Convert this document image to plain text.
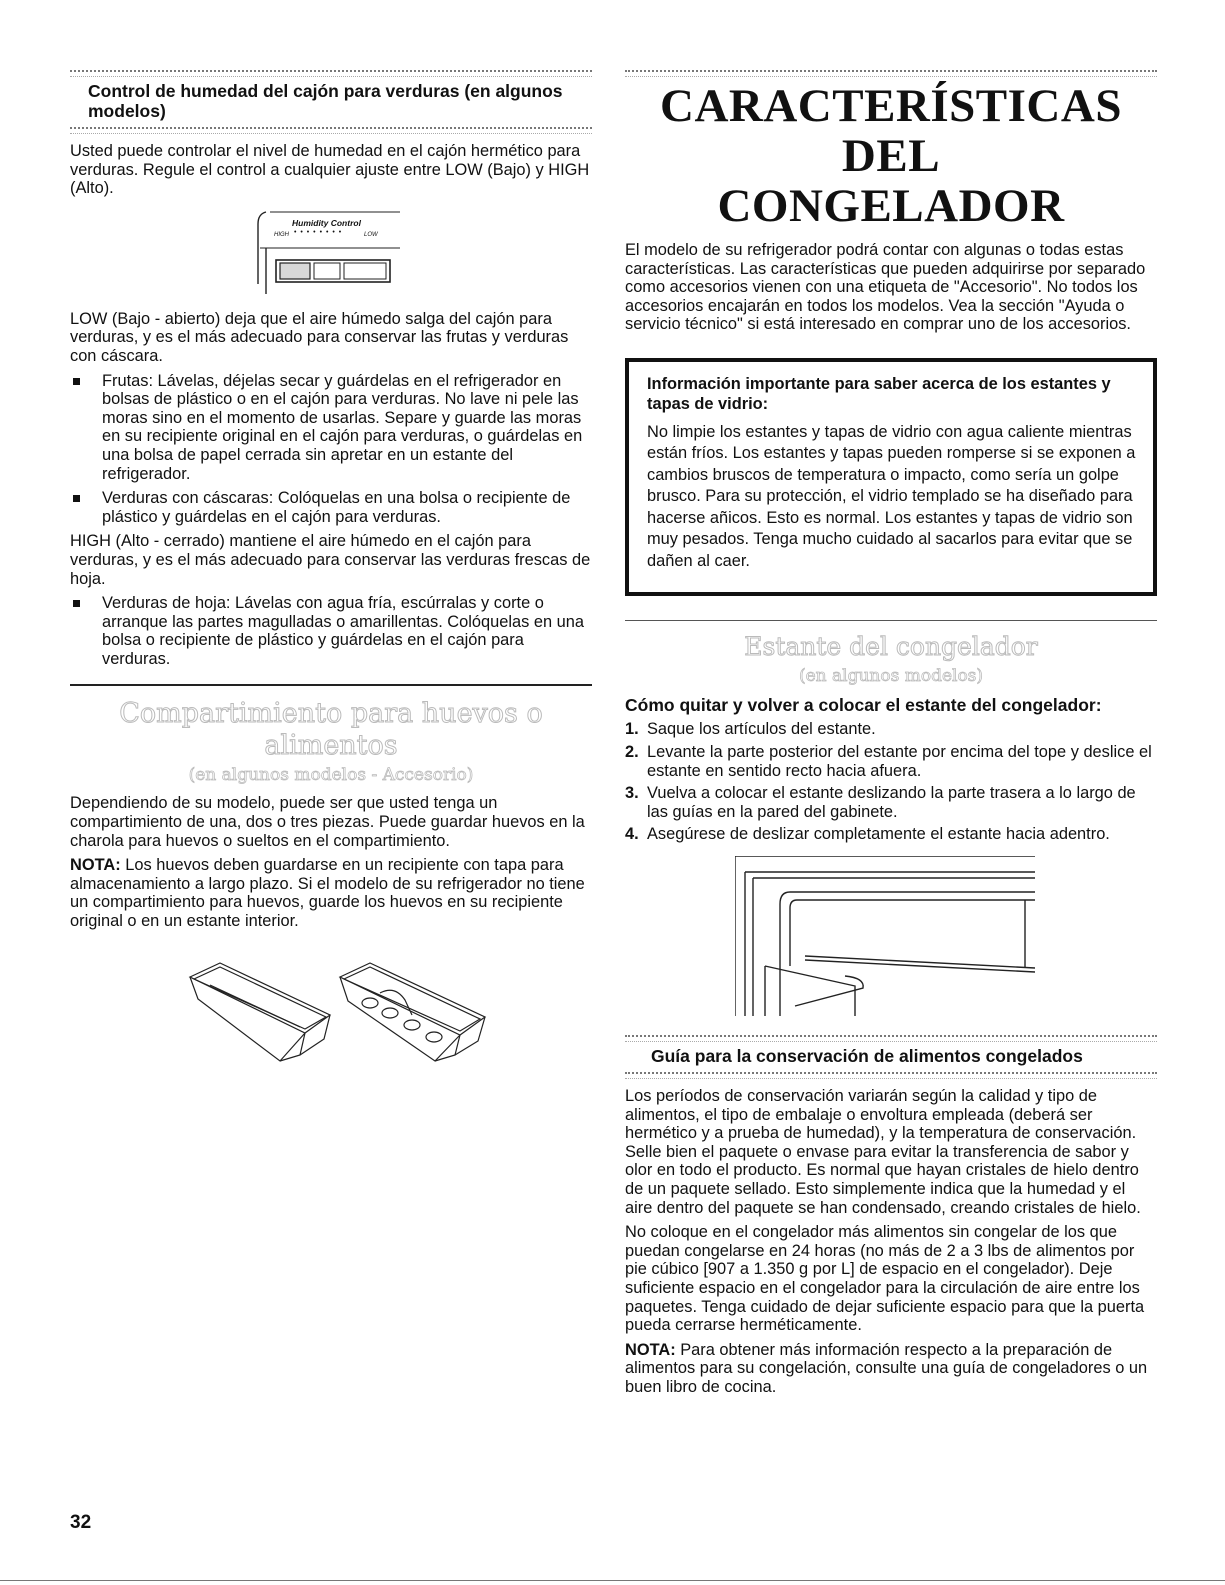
Control de humedad del cajón para verduras (en algunos modelos)

Usted puede controlar el nivel de humedad en el cajón hermético para verduras. Regule el control a cualquier ajuste entre LOW (Bajo) y HIGH (Alto).

Humidity Control
HIGH • • • • • • • •	LOW

LOW (Bajo - abierto) deja que el aire húmedo salga del cajón para verduras, y es el más adecuado para conservar las frutas y verduras con cáscara.

Frutas: Lávelas, déjelas secar y guárdelas en el refrigerador en bolsas de plástico o en el cajón para verduras. No lave ni pele las moras sino en el momento de usarlas. Separe y guarde las moras en su recipiente original en el cajón para verduras, o guárdelas en una bolsa de papel cerrada sin apretar en un estante del refrigerador.
Verduras con cáscaras: Colóquelas en una bolsa o recipiente de plástico y guárdelas en el cajón para verduras.

HIGH (Alto - cerrado) mantiene el aire húmedo en el cajón para verduras, y es el más adecuado para conservar las verduras frescas de hoja.

Verduras de hoja: Lávelas con agua fría, escúrralas y corte o arranque las partes magulladas o amarillentas. Colóquelas en una bolsa o recipiente de plástico y guárdelas en el cajón para verduras.
Compartimiento para huevos o alimentos
(en algunos modelos - Accesorio)

Dependiendo de su modelo, puede ser que usted tenga un compartimiento de una, dos o tres piezas. Puede guardar huevos en la charola para huevos o sueltos en el compartimiento.

NOTA: Los huevos deben guardarse en un recipiente con tapa para almacenamiento a largo plazo. Si el modelo de su refrigerador no tiene un compartimiento para huevos, guarde los huevos en su recipiente original o en un estante interior.

CARACTERÍSTICAS DEL
CONGELADOR

El modelo de su refrigerador podrá contar con algunas o todas estas características. Las características que pueden adquirirse por separado como accesorios vienen con una etiqueta de "Accesorio". No todos los accesorios encajarán en todos los modelos. Vea la sección "Ayuda o servicio técnico" si está interesado en comprar uno de los accesorios.

Información importante para saber acerca de los estantes y tapas de vidrio:

No limpie los estantes y tapas de vidrio con agua caliente mientras están fríos. Los estantes y tapas pueden romperse si se exponen a cambios bruscos de temperatura o impacto, como sería un golpe brusco. Para su protección, el vidrio templado se ha diseñado para hacerse añicos. Esto es normal. Los estantes y tapas de vidrio son muy pesados. Tenga mucho cuidado al sacarlos para evitar que se dañen al caer.

Estante del congelador
(en algunos modelos)
Cómo quitar y volver a colocar el estante del congelador:
1. Saque los artículos del estante.
2. Levante la parte posterior del estante por encima del tope y deslice el estante en sentido recto hacia afuera.
3. Vuelva a colocar el estante deslizando la parte trasera a lo largo de las guías en la pared del gabinete.
4. Asegúrese de deslizar completamente el estante hacia adentro.
Guía para la conservación de alimentos congelados

Los períodos de conservación variarán según la calidad y tipo de alimentos, el tipo de embalaje o envoltura empleada (deberá ser hermético y a prueba de humedad), y la temperatura de conservación. Selle bien el paquete o envase para evitar la transferencia de sabor y olor en todo el producto. Es normal que hayan cristales de hielo dentro de un paquete sellado. Esto simplemente indica que la humedad y el aire dentro del paquete se han condensado, creando cristales de hielo.

No coloque en el congelador más alimentos sin congelar de los que puedan congelarse en 24 horas (no más de 2 a 3 lbs de alimentos por pie cúbico [907 a 1.350 g por L] de espacio en el congelador). Deje suficiente espacio en el congelador para la circulación de aire entre los paquetes. Tenga cuidado de dejar suficiente espacio para que la puerta pueda cerrarse herméticamente.

NOTA: Para obtener más información respecto a la preparación de alimentos para su congelación, consulte una guía de congeladores o un buen libro de cocina.

32
